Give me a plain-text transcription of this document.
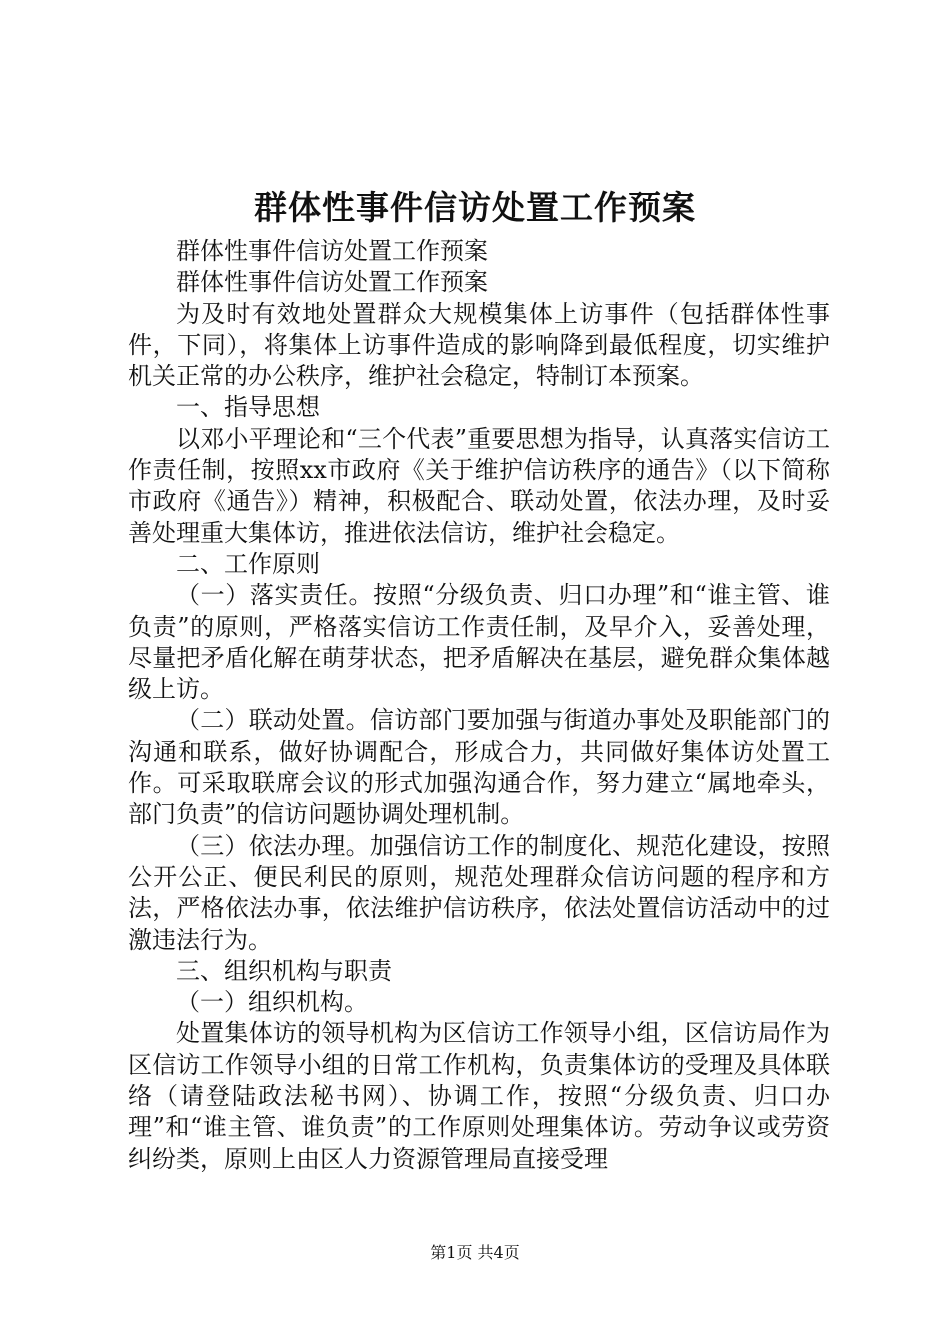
群体性事件信访处置工作预案

群体性事件信访处置工作预案

群体性事件信访处置工作预案

为及时有效地处置群众大规模集体上访事件（包括群体性事件，下同），将集体上访事件造成的影响降到最低程度，切实维护机关正常的办公秩序，维护社会稳定，特制订本预案。

一、指导思想

以邓小平理论和“三个代表”重要思想为指导，认真落实信访工作责任制，按照xx市政府《关于维护信访秩序的通告》（以下简称市政府《通告》）精神，积极配合、联动处置，依法办理，及时妥善处理重大集体访，推进依法信访，维护社会稳定。

二、工作原则

（一）落实责任。按照“分级负责、归口办理”和“谁主管、谁负责”的原则，严格落实信访工作责任制，及早介入，妥善处理，尽量把矛盾化解在萌芽状态，把矛盾解决在基层，避免群众集体越级上访。

（二）联动处置。信访部门要加强与街道办事处及职能部门的沟通和联系，做好协调配合，形成合力，共同做好集体访处置工作。可采取联席会议的形式加强沟通合作，努力建立“属地牵头，部门负责”的信访问题协调处理机制。

（三）依法办理。加强信访工作的制度化、规范化建设，按照公开公正、便民利民的原则，规范处理群众信访问题的程序和方法，严格依法办事，依法维护信访秩序，依法处置信访活动中的过激违法行为。

三、组织机构与职责

（一）组织机构。

处置集体访的领导机构为区信访工作领导小组，区信访局作为区信访工作领导小组的日常工作机构，负责集体访的受理及具体联络（请登陆政法秘书网）、协调工作，按照“分级负责、归口办理”和“谁主管、谁负责”的工作原则处理集体访。劳动争议或劳资纠纷类，原则上由区人力资源管理局直接受理

第1页 共4页
